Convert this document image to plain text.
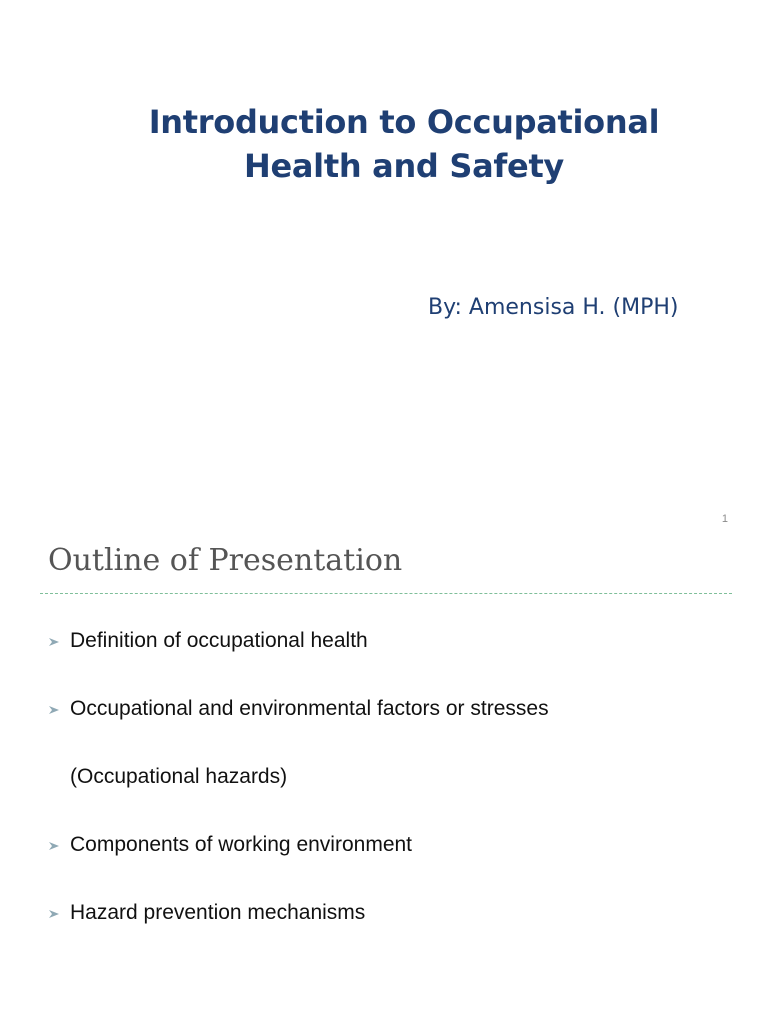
Introduction to Occupational
Health and Safety
By: Amensisa H. (MPH)
1
Outline of Presentation
Definition of occupational health
Occupational and environmental factors or stresses
(Occupational hazards)
Components of working environment
Hazard prevention mechanisms
